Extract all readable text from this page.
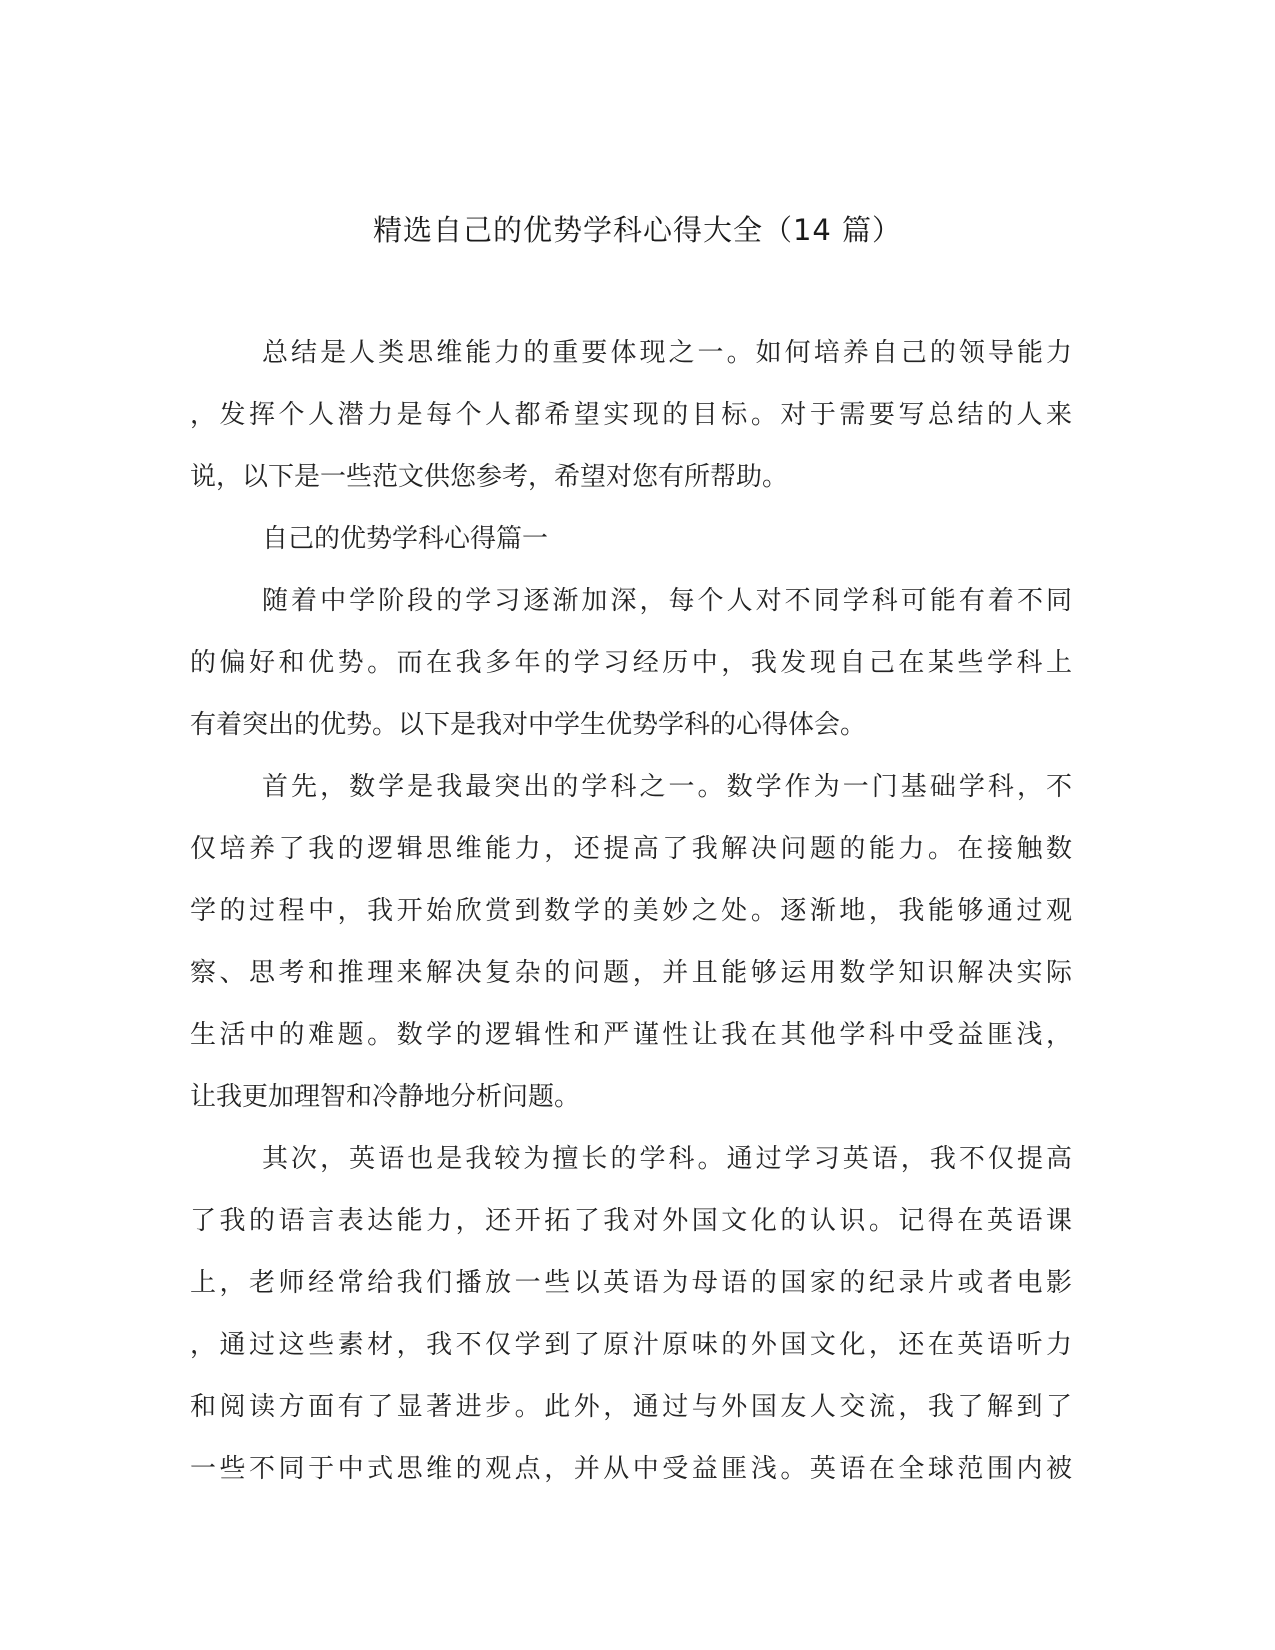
精选自己的优势学科心得大全（14 篇）
总结是人类思维能力的重要体现之一。如何培养自己的领导能力
，发挥个人潜力是每个人都希望实现的目标。对于需要写总结的人来
说，以下是一些范文供您参考，希望对您有所帮助。
自己的优势学科心得篇一
随着中学阶段的学习逐渐加深，每个人对不同学科可能有着不同
的偏好和优势。而在我多年的学习经历中，我发现自己在某些学科上
有着突出的优势。以下是我对中学生优势学科的心得体会。
首先，数学是我最突出的学科之一。数学作为一门基础学科，不
仅培养了我的逻辑思维能力，还提高了我解决问题的能力。在接触数
学的过程中，我开始欣赏到数学的美妙之处。逐渐地，我能够通过观
察、思考和推理来解决复杂的问题，并且能够运用数学知识解决实际
生活中的难题。数学的逻辑性和严谨性让我在其他学科中受益匪浅，
让我更加理智和冷静地分析问题。
其次，英语也是我较为擅长的学科。通过学习英语，我不仅提高
了我的语言表达能力，还开拓了我对外国文化的认识。记得在英语课
上，老师经常给我们播放一些以英语为母语的国家的纪录片或者电影
，通过这些素材，我不仅学到了原汁原味的外国文化，还在英语听力
和阅读方面有了显著进步。此外，通过与外国友人交流，我了解到了
一些不同于中式思维的观点，并从中受益匪浅。英语在全球范围内被
